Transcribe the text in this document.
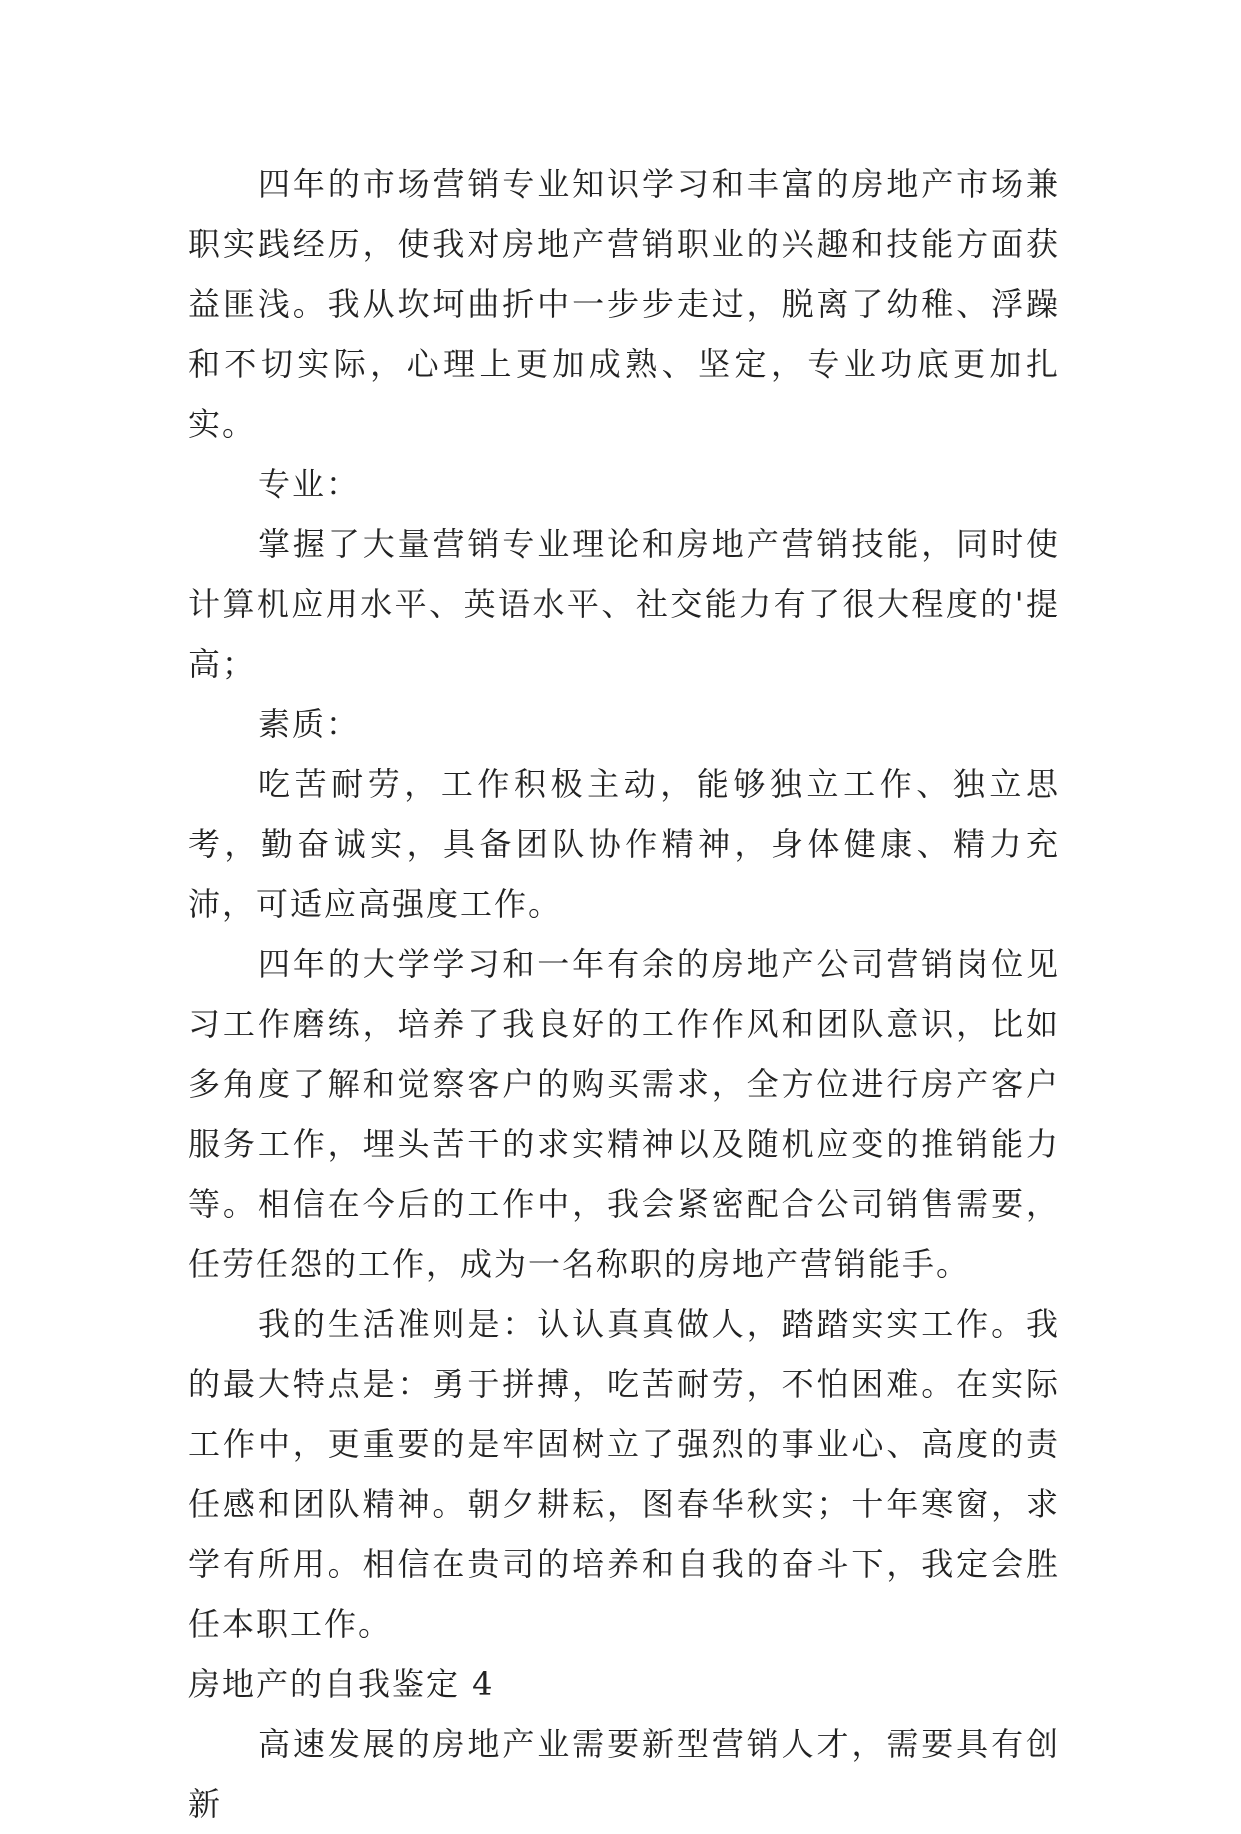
四年的市场营销专业知识学习和丰富的房地产市场兼职实践经历，使我对房地产营销职业的兴趣和技能方面获益匪浅。我从坎坷曲折中一步步走过，脱离了幼稚、浮躁和不切实际，心理上更加成熟、坚定，专业功底更加扎实。

专业：

掌握了大量营销专业理论和房地产营销技能，同时使计算机应用水平、英语水平、社交能力有了很大程度的'提高；

素质：

吃苦耐劳，工作积极主动，能够独立工作、独立思考，勤奋诚实，具备团队协作精神，身体健康、精力充沛，可适应高强度工作。

四年的大学学习和一年有余的房地产公司营销岗位见习工作磨练，培养了我良好的工作作风和团队意识，比如多角度了解和觉察客户的购买需求，全方位进行房产客户服务工作，埋头苦干的求实精神以及随机应变的推销能力等。相信在今后的工作中，我会紧密配合公司销售需要，任劳任怨的工作，成为一名称职的房地产营销能手。

我的生活准则是：认认真真做人，踏踏实实工作。我的最大特点是：勇于拼搏，吃苦耐劳，不怕困难。在实际工作中，更重要的是牢固树立了强烈的事业心、高度的责任感和团队精神。朝夕耕耘，图春华秋实；十年寒窗，求学有所用。相信在贵司的培养和自我的奋斗下，我定会胜任本职工作。

房地产的自我鉴定 4

高速发展的房地产业需要新型营销人才，需要具有创新
